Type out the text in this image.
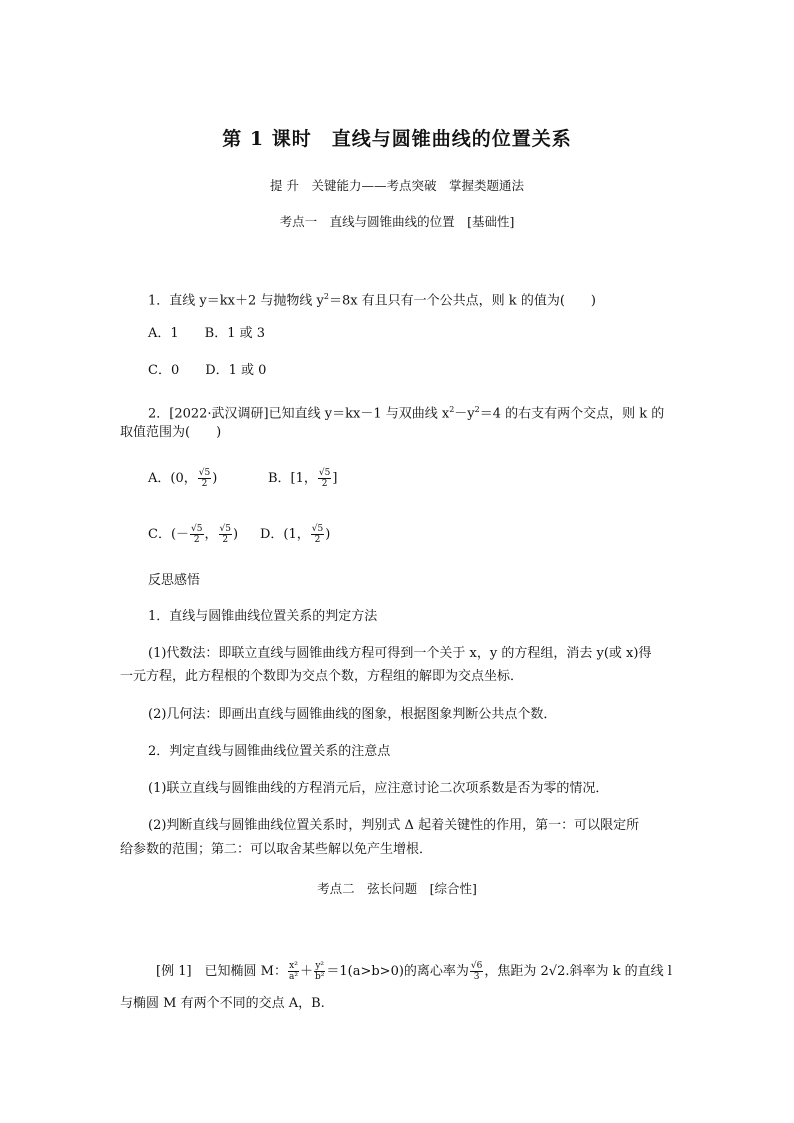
第 1 课时　直线与圆锥曲线的位置关系
提 升　关键能力——考点突破　掌握类题通法
考点一　直线与圆锥曲线的位置　[基础性]
1．直线 y＝kx＋2 与抛物线 $y^2=8x$ 有且只有一个公共点，则 k 的值为(　　)
A．1　　B．1 或 3
C．0　　D．1 或 0
2．[2022·武汉调研]已知直线 y＝kx－1 与双曲线 $x^2-y^2=4$ 的右支有两个交点，则 k 的
取值范围为(　　)
A．(0， $\frac{√5}{2}$ )	B．[1， $\frac{√5}{2}$ ]
C．(－ $\frac{√5}{2}$ ， $\frac{√5}{2}$ ) D．(1， $\frac{√5}{2}$ )
反思感悟
1．直线与圆锥曲线位置关系的判定方法
(1)代数法：即联立直线与圆锥曲线方程可得到一个关于 x，y 的方程组，消去 y(或 x)得
一元方程，此方程根的个数即为交点个数，方程组的解即为交点坐标．
(2)几何法：即画出直线与圆锥曲线的图象，根据图象判断公共点个数．
2．判定直线与圆锥曲线位置关系的注意点
(1)联立直线与圆锥曲线的方程消元后，应注意讨论二次项系数是否为零的情况．
(2)判断直线与圆锥曲线位置关系时，判别式 Δ 起着关键性的作用，第一：可以限定所
给参数的范围；第二：可以取舍某些解以免产生增根．
考点二　弦长问题　[综合性]
[例 1]　已知椭圆 M： $\frac{\text{x²}}{\text{a²}} + \frac{\text{y²}}{\text{b²}} =1(a>b>0)$的离心率为 $\frac{√6}{3}$ ，焦距为 2√2.斜率为 k 的直线 l
与椭圆 M 有两个不同的交点 A，B.
